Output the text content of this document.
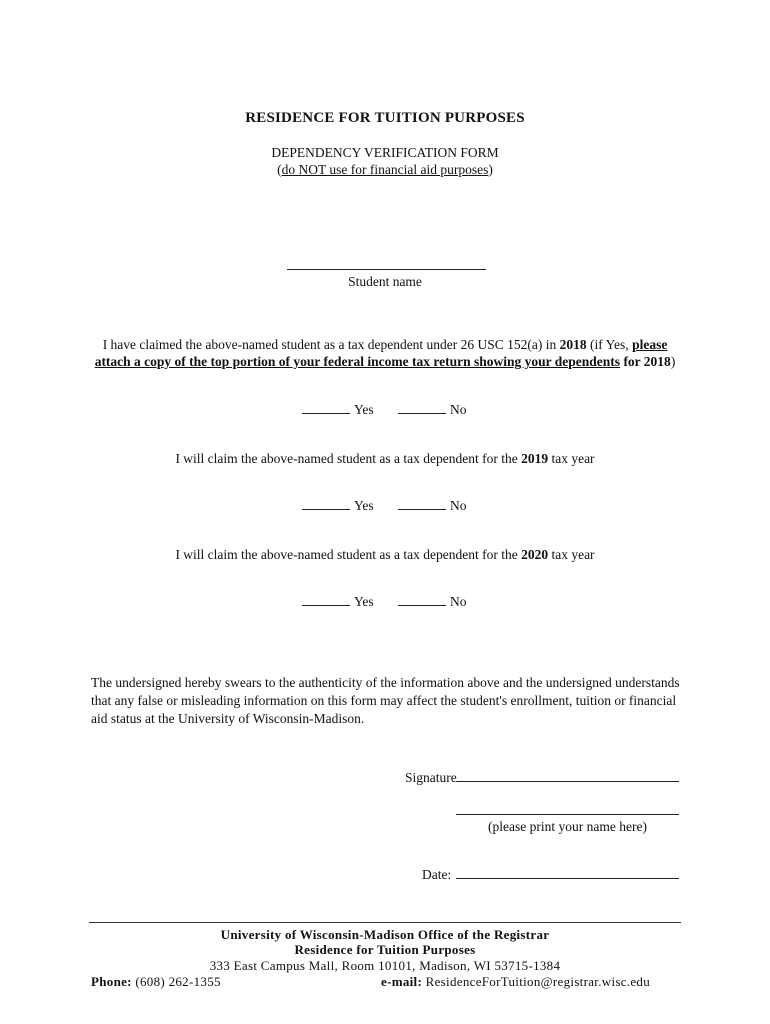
RESIDENCE FOR TUITION PURPOSES
DEPENDENCY VERIFICATION FORM
(do NOT use for financial aid purposes)
Student name
I have claimed the above-named student as a tax dependent under 26 USC 152(a) in 2018 (if Yes, please
attach a copy of the top portion of your federal income tax return showing your dependents for 2018)
Yes	No
I will claim the above-named student as a tax dependent for the 2019 tax year
Yes	No
I will claim the above-named student as a tax dependent for the 2020 tax year
Yes	No
The undersigned hereby swears to the authenticity of the information above and the undersigned understands
that any false or misleading information on this form may affect the student's enrollment, tuition or financial
aid status at the University of Wisconsin-Madison.
Signature
(please print your name here)
Date:
University of Wisconsin-Madison Office of the Registrar
Residence for Tuition Purposes
333 East Campus Mall, Room 10101, Madison, WI 53715-1384
Phone: (608) 262-1355	e-mail: ResidenceForTuition@registrar.wisc.edu
